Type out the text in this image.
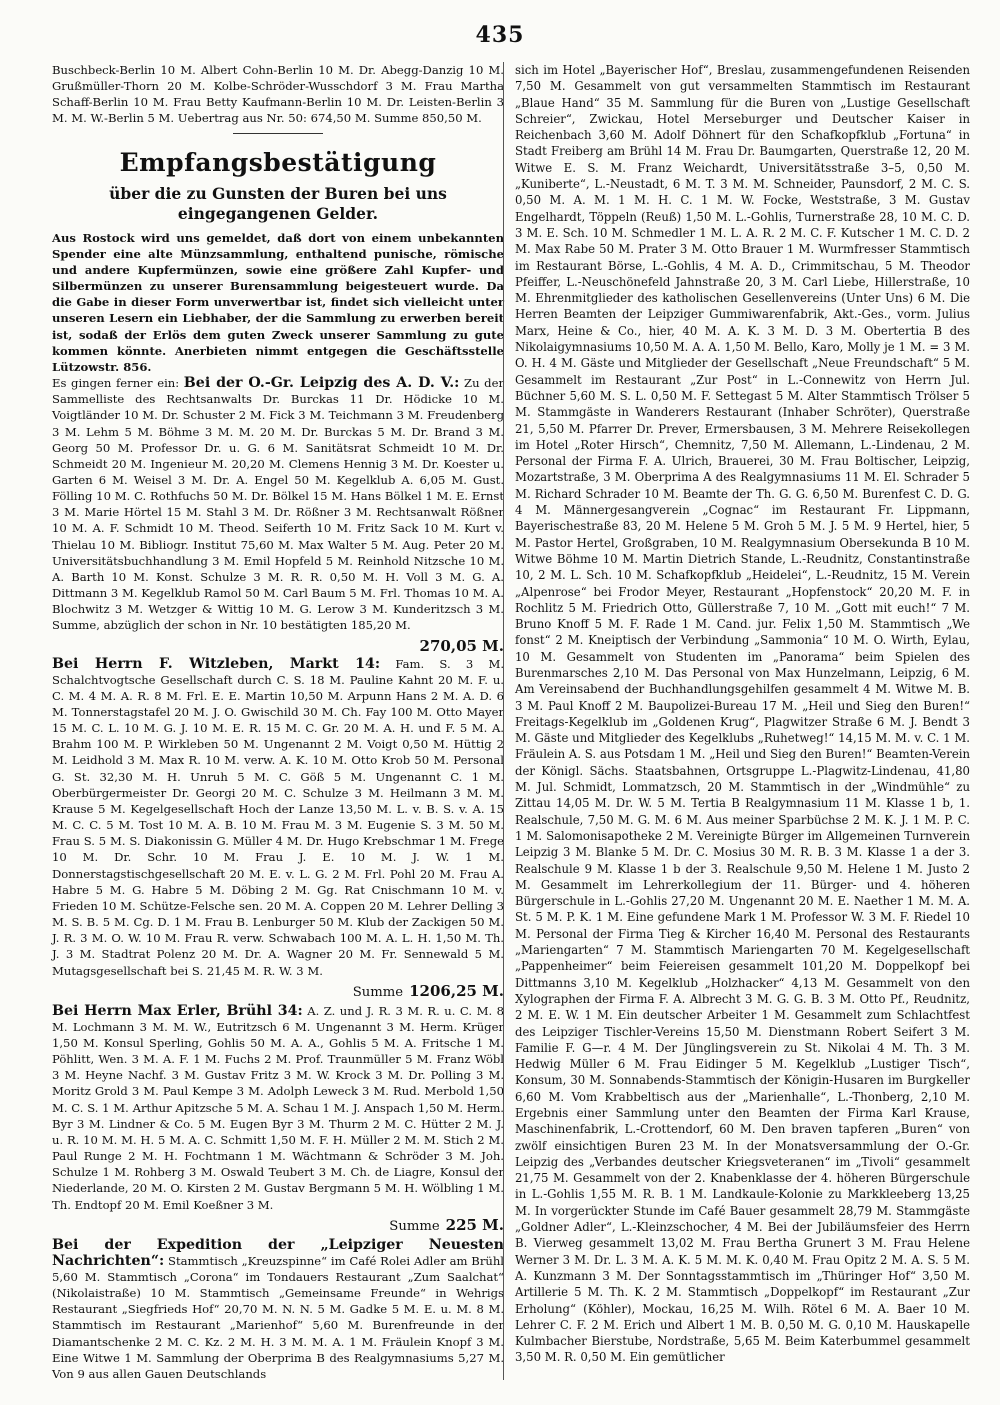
435

Buschbeck-Berlin 10 M. Albert Cohn-Berlin 10 M. Dr. Abegg-Danzig 10 M. Grußmüller-Thorn 20 M. Kolbe-Schröder-Wusschdorf 3 M. Frau Martha Schaff-Berlin 10 M. Frau Betty Kaufmann-Berlin 10 M. Dr. Leisten-Berlin 3 M. M. W.-Berlin 5 M. Uebertrag aus Nr. 50: 674,50 M. Summe 850,50 M.

Empfangsbestätigung
über die zu Gunsten der Buren bei uns eingegangenen Gelder.

Aus Rostock wird uns gemeldet, daß dort von einem unbekannten Spender eine alte Münzsammlung, enthaltend punische, römische und andere Kupfermünzen, sowie eine größere Zahl Kupfer- und Silbermünzen zu unserer Burensammlung beigesteuert wurde. Da die Gabe in dieser Form unverwertbar ist, findet sich vielleicht unter unseren Lesern ein Liebhaber, der die Sammlung zu erwerben bereit ist, sodaß der Erlös dem guten Zweck unserer Sammlung zu gute kommen könnte. Anerbieten nimmt entgegen die Geschäftsstelle Lützowstr. 856.

Es gingen ferner ein: Bei der O.-Gr. Leipzig des A. D. V.: Zu der Sammelliste des Rechtsanwalts Dr. Burckas 11 Dr. Hödicke 10 M. Voigtländer 10 M. Dr. Schuster 2 M. Fick 3 M. Teichmann 3 M. Freudenberg 3 M. Lehm 5 M. Böhme 3 M. M. 20 M. Dr. Burckas 5 M. Dr. Brand 3 M. Georg 50 M. Professor Dr. u. G. 6 M. Sanitätsrat Schmeidt 10 M. Dr. Schmeidt 20 M. Ingenieur M. 20,20 M. Clemens Hennig 3 M. Dr. Koester u. Garten 6 M. Weisel 3 M. Dr. A. Engel 50 M. Kegelklub A. 6,05 M. Gust. Fölling 10 M. C. Rothfuchs 50 M. Dr. Bölkel 15 M. Hans Bölkel 1 M. E. Ernst 3 M. Marie Hörtel 15 M. Stahl 3 M. Dr. Rößner 3 M. Rechtsanwalt Rößner 10 M. A. F. Schmidt 10 M. Theod. Seiferth 10 M. Fritz Sack 10 M. Kurt v. Thielau 10 M. Bibliogr. Institut 75,60 M. Max Walter 5 M. Aug. Peter 20 M. Universitätsbuchhandlung 3 M. Emil Hopfeld 5 M. Reinhold Nitzsche 10 M. A. Barth 10 M. Konst. Schulze 3 M. R. R. 0,50 M. H. Voll 3 M. G. A. Dittmann 3 M. Kegelklub Ramol 50 M. Carl Baum 5 M. Frl. Thomas 10 M. A. Blochwitz 3 M. Wetzger & Wittig 10 M. G. Lerow 3 M. Kunderitzsch 3 M. Summe, abzüglich der schon in Nr. 10 bestätigten 185,20 M.

270,05 M.

Bei Herrn F. Witzleben, Markt 14: Fam. S. 3 M. Schalchtvogtsche Gesellschaft durch C. S. 18 M. Pauline Kahnt 20 M. F. u. C. M. 4 M. A. R. 8 M. Frl. E. E. Martin 10,50 M. Arpunn Hans 2 M. A. D. 6 M. Tonnerstagstafel 20 M. J. O. Gwischild 30 M. Ch. Fay 100 M. Otto Mayer 15 M. C. L. 10 M. G. J. 10 M. E. R. 15 M. C. Gr. 20 M. A. H. und F. 5 M. A. Brahm 100 M. P. Wirkleben 50 M. Ungenannt 2 M. Voigt 0,50 M. Hüttig 2 M. Leidhold 3 M. Max R. 10 M. verw. A. K. 10 M. Otto Krob 50 M. Personal G. St. 32,30 M. H. Unruh 5 M. C. Göß 5 M. Ungenannt C. 1 M. Oberbürgermeister Dr. Georgi 20 M. C. Schulze 3 M. Heilmann 3 M. M. Krause 5 M. Kegelgesellschaft Hoch der Lanze 13,50 M. L. v. B. S. v. A. 15 M. C. C. 5 M. Tost 10 M. A. B. 10 M. Frau M. 3 M. Eugenie S. 3 M. 50 M. Frau S. 5 M. S. Diakonissin G. Müller 4 M. Dr. Hugo Krebschmar 1 M. Frege 10 M. Dr. Schr. 10 M. Frau J. E. 10 M. J. W. 1 M. Donnerstagstischgesellschaft 20 M. E. v. L. G. 2 M. Frl. Pohl 20 M. Frau A. Habre 5 M. G. Habre 5 M. Döbing 2 M. Gg. Rat Cnischmann 10 M. v. Frieden 10 M. Schütze-Felsche sen. 20 M. A. Coppen 20 M. Lehrer Delling 3 M. S. B. 5 M. Cg. D. 1 M. Frau B. Lenburger 50 M. Klub der Zackigen 50 M. J. R. 3 M. O. W. 10 M. Frau R. verw. Schwabach 100 M. A. L. H. 1,50 M. Th. J. 3 M. Stadtrat Polenz 20 M. Dr. A. Wagner 20 M. Fr. Sennewald 5 M. Mutagsgesellschaft bei S. 21,45 M. R. W. 3 M.

Summe 1206,25 M.

Bei Herrn Max Erler, Brühl 34: A. Z. und J. R. 3 M. R. u. C. M. 8 M. Lochmann 3 M. M. W., Eutritzsch 6 M. Ungenannt 3 M. Herm. Krüger 1,50 M. Konsul Sperling, Gohlis 50 M. A. A., Gohlis 5 M. A. Fritsche 1 M. Pöhlitt, Wen. 3 M. A. F. 1 M. Fuchs 2 M. Prof. Traunmüller 5 M. Franz Wöbl 3 M. Heyne Nachf. 3 M. Gustav Fritz 3 M. W. Krock 3 M. Dr. Polling 3 M. Moritz Grold 3 M. Paul Kempe 3 M. Adolph Leweck 3 M. Rud. Merbold 1,50 M. C. S. 1 M. Arthur Apitzsche 5 M. A. Schau 1 M. J. Anspach 1,50 M. Herm. Byr 3 M. Lindner & Co. 5 M. Eugen Byr 3 M. Thurm 2 M. C. Hütter 2 M. J. u. R. 10 M. M. H. 5 M. A. C. Schmitt 1,50 M. F. H. Müller 2 M. M. Stich 2 M. Paul Runge 2 M. H. Fochtmann 1 M. Wächtmann & Schröder 3 M. Joh. Schulze 1 M. Rohberg 3 M. Oswald Teubert 3 M. Ch. de Liagre, Konsul der Niederlande, 20 M. O. Kirsten 2 M. Gustav Bergmann 5 M. H. Wölbling 1 M. Th. Endtopf 20 M. Emil Koeßner 3 M.

Summe 225 M.

Bei der Expedition der „Leipziger Neuesten Nachrichten“: Stammtisch „Kreuzspinne“ im Café Rolei Adler am Brühl 5,60 M. Stammtisch „Corona“ im Tondauers Restaurant „Zum Saalchat“ (Nikolaistraße) 10 M. Stammtisch „Gemeinsame Freunde“ in Wehrigs Restaurant „Siegfrieds Hof“ 20,70 M. N. N. 5 M. Gadke 5 M. E. u. M. 8 M. Stammtisch im Restaurant „Marienhof“ 5,60 M. Burenfreunde in der Diamantschenke 2 M. C. Kz. 2 M. H. 3 M. M. A. 1 M. Fräulein Knopf 3 M. Eine Witwe 1 M. Sammlung der Oberprima B des Realgymnasiums 5,27 M. Von 9 aus allen Gauen Deutschlands

sich im Hotel „Bayerischer Hof“, Breslau, zusammengefundenen Reisenden 7,50 M. Gesammelt von gut versammelten Stammtisch im Restaurant „Blaue Hand“ 35 M. Sammlung für die Buren von „Lustige Gesellschaft Schreier“, Zwickau, Hotel Merseburger und Deutscher Kaiser in Reichenbach 3,60 M. Adolf Döhnert für den Schafkopfklub „Fortuna“ in Stadt Freiberg am Brühl 14 M. Frau Dr. Baumgarten, Querstraße 12, 20 M. Witwe E. S. M. Franz Weichardt, Universitätsstraße 3–5, 0,50 M. „Kuniberte“, L.-Neustadt, 6 M. T. 3 M. M. Schneider, Paunsdorf, 2 M. C. S. 0,50 M. A. M. 1 M. H. C. 1 M. W. Focke, Weststraße, 3 M. Gustav Engelhardt, Töppeln (Reuß) 1,50 M. L.-Gohlis, Turnerstraße 28, 10 M. C. D. 3 M. E. Sch. 10 M. Schmedler 1 M. L. A. R. 2 M. C. F. Kutscher 1 M. C. D. 2 M. Max Rabe 50 M. Prater 3 M. Otto Brauer 1 M. Wurmfresser Stammtisch im Restaurant Börse, L.-Gohlis, 4 M. A. D., Crimmitschau, 5 M. Theodor Pfeiffer, L.-Neuschönefeld Jahnstraße 20, 3 M. Carl Liebe, Hillerstraße, 10 M. Ehrenmitglieder des katholischen Gesellenvereins (Unter Uns) 6 M. Die Herren Beamten der Leipziger Gummiwarenfabrik, Akt.-Ges., vorm. Julius Marx, Heine & Co., hier, 40 M. A. K. 3 M. D. 3 M. Obertertia B des Nikolaigymnasiums 10,50 M. A. A. 1,50 M. Bello, Karo, Molly je 1 M. = 3 M. O. H. 4 M. Gäste und Mitglieder der Gesellschaft „Neue Freundschaft“ 5 M. Gesammelt im Restaurant „Zur Post“ in L.-Connewitz von Herrn Jul. Büchner 5,60 M. S. L. 0,50 M. F. Settegast 5 M. Alter Stammtisch Trölser 5 M. Stammgäste in Wanderers Restaurant (Inhaber Schröter), Querstraße 21, 5,50 M. Pfarrer Dr. Prever, Ermersbausen, 3 M. Mehrere Reisekollegen im Hotel „Roter Hirsch“, Chemnitz, 7,50 M. Allemann, L.-Lindenau, 2 M. Personal der Firma F. A. Ulrich, Brauerei, 30 M. Frau Boltischer, Leipzig, Mozartstraße, 3 M. Oberprima A des Realgymnasiums 11 M. El. Schrader 5 M. Richard Schrader 10 M. Beamte der Th. G. G. 6,50 M. Burenfest C. D. G. 4 M. Männergesangverein „Cognac“ im Restaurant Fr. Lippmann, Bayerischestraße 83, 20 M. Helene 5 M. Groh 5 M. J. 5 M. 9 Hertel, hier, 5 M. Pastor Hertel, Großgraben, 10 M. Realgymnasium Obersekunda B 10 M. Witwe Böhme 10 M. Martin Dietrich Stande, L.-Reudnitz, Constantinstraße 10, 2 M. L. Sch. 10 M. Schafkopfklub „Heidelei“, L.-Reudnitz, 15 M. Verein „Alpenrose“ bei Frodor Meyer, Restaurant „Hopfenstock“ 20,20 M. F. in Rochlitz 5 M. Friedrich Otto, Güllerstraße 7, 10 M. „Gott mit euch!“ 7 M. Bruno Knoff 5 M. F. Rade 1 M. Cand. jur. Felix 1,50 M. Stammtisch „We fonst“ 2 M. Kneiptisch der Verbindung „Sammonia“ 10 M. O. Wirth, Eylau, 10 M. Gesammelt von Studenten im „Panorama“ beim Spielen des Burenmarsches 2,10 M. Das Personal von Max Hunzelmann, Leipzig, 6 M. Am Vereinsabend der Buchhandlungsgehilfen gesammelt 4 M. Witwe M. B. 3 M. Paul Knoff 2 M. Baupolizei-Bureau 17 M. „Heil und Sieg den Buren!“ Freitags-Kegelklub im „Goldenen Krug“, Plagwitzer Straße 6 M. J. Bendt 3 M. Gäste und Mitglieder des Kegelklubs „Ruhetweg!“ 14,15 M. M. v. C. 1 M. Fräulein A. S. aus Potsdam 1 M. „Heil und Sieg den Buren!“ Beamten-Verein der Königl. Sächs. Staatsbahnen, Ortsgruppe L.-Plagwitz-Lindenau, 41,80 M. Jul. Schmidt, Lommatzsch, 20 M. Stammtisch in der „Windmühle“ zu Zittau 14,05 M. Dr. W. 5 M. Tertia B Realgymnasium 11 M. Klasse 1 b, 1. Realschule, 7,50 M. G. M. 6 M. Aus meiner Sparbüchse 2 M. K. J. 1 M. P. C. 1 M. Salomonisapotheke 2 M. Vereinigte Bürger im Allgemeinen Turnverein Leipzig 3 M. Blanke 5 M. Dr. C. Mosius 30 M. R. B. 3 M. Klasse 1 a der 3. Realschule 9 M. Klasse 1 b der 3. Realschule 9,50 M. Helene 1 M. Justo 2 M. Gesammelt im Lehrerkollegium der 11. Bürger- und 4. höheren Bürgerschule in L.-Gohlis 27,20 M. Ungenannt 20 M. E. Naether 1 M. M. A. St. 5 M. P. K. 1 M. Eine gefundene Mark 1 M. Professor W. 3 M. F. Riedel 10 M. Personal der Firma Tieg & Kircher 16,40 M. Personal des Restaurants „Mariengarten“ 7 M. Stammtisch Mariengarten 70 M. Kegelgesellschaft „Pappenheimer“ beim Feiereisen gesammelt 101,20 M. Doppelkopf bei Dittmanns 3,10 M. Kegelklub „Holzhacker“ 4,13 M. Gesammelt von den Xylographen der Firma F. A. Albrecht 3 M. G. G. B. 3 M. Otto Pf., Reudnitz, 2 M. E. W. 1 M. Ein deutscher Arbeiter 1 M. Gesammelt zum Schlachtfest des Leipziger Tischler-Vereins 15,50 M. Dienstmann Robert Seifert 3 M. Familie F. G—r. 4 M. Der Jünglingsverein zu St. Nikolai 4 M. Th. 3 M. Hedwig Müller 6 M. Frau Eidinger 5 M. Kegelklub „Lustiger Tisch“, Konsum, 30 M. Sonnabends-Stammtisch der Königin-Husaren im Burgkeller 6,60 M. Vom Krabbeltisch aus der „Marienhalle“, L.-Thonberg, 2,10 M. Ergebnis einer Sammlung unter den Beamten der Firma Karl Krause, Maschinenfabrik, L.-Crottendorf, 60 M. Den braven tapferen „Buren“ von zwölf einsichtigen Buren 23 M. In der Monatsversammlung der O.-Gr. Leipzig des „Verbandes deutscher Kriegsveteranen“ im „Tivoli“ gesammelt 21,75 M. Gesammelt von der 2. Knabenklasse der 4. höheren Bürgerschule in L.-Gohlis 1,55 M. R. B. 1 M. Landkaule-Kolonie zu Markkleeberg 13,25 M. In vorgerückter Stunde im Café Bauer gesammelt 28,79 M. Stammgäste „Goldner Adler“, L.-Kleinzschocher, 4 M. Bei der Jubiläumsfeier des Herrn B. Vierweg gesammelt 13,02 M. Frau Bertha Grunert 3 M. Frau Helene Werner 3 M. Dr. L. 3 M. A. K. 5 M. M. K. 0,40 M. Frau Opitz 2 M. A. S. 5 M. A. Kunzmann 3 M. Der Sonntagsstammtisch im „Thüringer Hof“ 3,50 M. Artillerie 5 M. Th. K. 2 M. Stammtisch „Doppelkopf“ im Restaurant „Zur Erholung“ (Köhler), Mockau, 16,25 M. Wilh. Rötel 6 M. A. Baer 10 M. Lehrer C. F. 2 M. Erich und Albert 1 M. B. 0,50 M. G. 0,10 M. Hauskapelle Kulmbacher Bierstube, Nordstraße, 5,65 M. Beim Katerbummel gesammelt 3,50 M. R. 0,50 M. Ein gemütlicher
